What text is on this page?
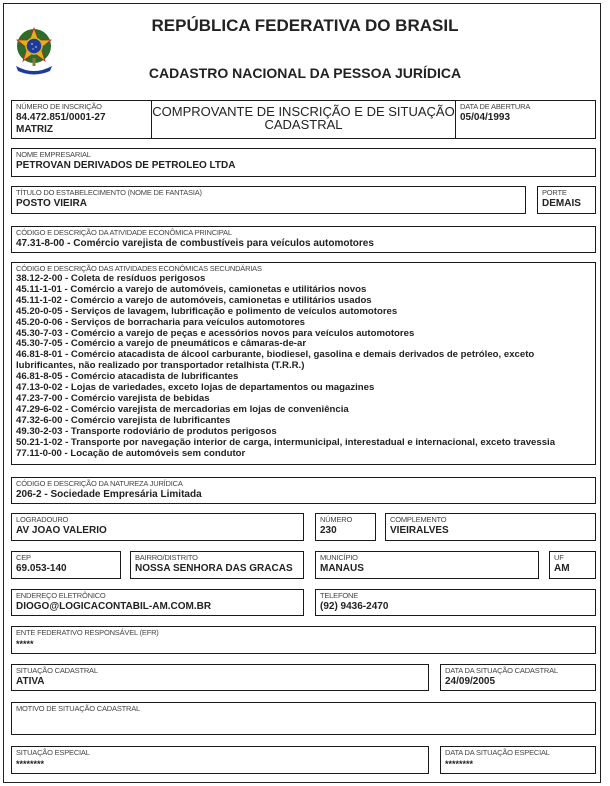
REPÚBLICA FEDERATIVA DO BRASIL
CADASTRO NACIONAL DA PESSOA JURÍDICA
NÚMERO DE INSCRIÇÃO
84.472.851/0001-27
MATRIZ
COMPROVANTE DE INSCRIÇÃO E DE SITUAÇÃO
CADASTRAL
DATA DE ABERTURA
05/04/1993
NOME EMPRESARIAL
PETROVAN DERIVADOS DE PETROLEO LTDA
TÍTULO DO ESTABELECIMENTO (NOME DE FANTASIA)
POSTO VIEIRA
PORTE
DEMAIS
CÓDIGO E DESCRIÇÃO DA ATIVIDADE ECONÔMICA PRINCIPAL
47.31-8-00 - Comércio varejista de combustíveis para veículos automotores
CÓDIGO E DESCRIÇÃO DAS ATIVIDADES ECONÔMICAS SECUNDÁRIAS
38.12-2-00 - Coleta de resíduos perigosos
45.11-1-01 - Comércio a varejo de automóveis, camionetas e utilitários novos
45.11-1-02 - Comércio a varejo de automóveis, camionetas e utilitários usados
45.20-0-05 - Serviços de lavagem, lubrificação e polimento de veículos automotores
45.20-0-06 - Serviços de borracharia para veículos automotores
45.30-7-03 - Comércio a varejo de peças e acessórios novos para veículos automotores
45.30-7-05 - Comércio a varejo de pneumáticos e câmaras-de-ar
46.81-8-01 - Comércio atacadista de álcool carburante, biodiesel, gasolina e demais derivados de petróleo, exceto lubrificantes, não realizado por transportador retalhista (T.R.R.)
46.81-8-05 - Comércio atacadista de lubrificantes
47.13-0-02 - Lojas de variedades, exceto lojas de departamentos ou magazines
47.23-7-00 - Comércio varejista de bebidas
47.29-6-02 - Comércio varejista de mercadorias em lojas de conveniência
47.32-6-00 - Comércio varejista de lubrificantes
49.30-2-03 - Transporte rodoviário de produtos perigosos
50.21-1-02 - Transporte por navegação interior de carga, intermunicipal, interestadual e internacional, exceto travessia
77.11-0-00 - Locação de automóveis sem condutor
CÓDIGO E DESCRIÇÃO DA NATUREZA JURÍDICA
206-2 - Sociedade Empresária Limitada
LOGRADOURO
AV JOAO VALERIO
NÚMERO
230
COMPLEMENTO
VIEIRALVES
CEP
69.053-140
BAIRRO/DISTRITO
NOSSA SENHORA DAS GRACAS
MUNICÍPIO
MANAUS
UF
AM
ENDEREÇO ELETRÔNICO
DIOGO@LOGICACONTABIL-AM.COM.BR
TELEFONE
(92) 9436-2470
ENTE FEDERATIVO RESPONSÁVEL (EFR)
*****
SITUAÇÃO CADASTRAL
ATIVA
DATA DA SITUAÇÃO CADASTRAL
24/09/2005
MOTIVO DE SITUAÇÃO CADASTRAL
SITUAÇÃO ESPECIAL
********
DATA DA SITUAÇÃO ESPECIAL
********
